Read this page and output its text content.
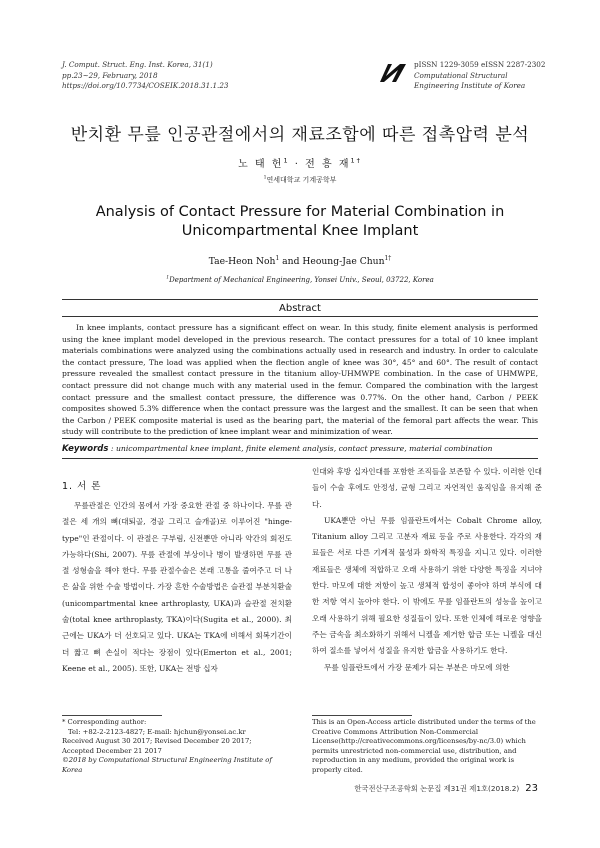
J. Comput. Struct. Eng. Inst. Korea, 31(1)
pp.23~29, February, 2018
https://doi.org/10.7734/COSEIK.2018.31.1.23
pISSN 1229-3059 eISSN 2287-2302
Computational Structural
Engineering Institute of Korea
반치환 무릎 인공관절에서의 재료조합에 따른 접촉압력 분석
노 태 헌$^1$ · 전 흥 재$^{1\dagger}$
$^1$연세대학교 기계공학부
Analysis of Contact Pressure for Material Combination in
Unicompartmental Knee Implant
Tae-Heon Noh$^1$ and Heoung-Jae Chun$^{1\dagger}$
$^1$Department of Mechanical Engineering, Yonsei Univ., Seoul, 03722, Korea
Abstract
In knee implants, contact pressure has a significant effect on wear. In this study, finite element analysis is performed using the knee implant model developed in the previous research. The contact pressures for a total of 10 knee implant materials combinations were analyzed using the combinations actually used in research and industry. In order to calculate the contact pressure, The load was applied when the flection angle of knee was 30°, 45° and 60°. The result of contact pressure revealed the smallest contact pressure in the titanium alloy-UHMWPE combination. In the case of UHMWPE, contact pressure did not change much with any material used in the femur. Compared the combination with the largest contact pressure and the smallest contact pressure, the difference was 0.77%. On the other hand, Carbon / PEEK composites showed 5.3% difference when the contact pressure was the largest and the smallest. It can be seen that when the Carbon / PEEK composite material is used as the bearing part, the material of the femoral part affects the wear. This study will contribute to the prediction of knee implant wear and minimization of wear.
Keywords : unicompartmental knee implant, finite element analysis, contact pressure, material combination
1. 서 론

무릎관절은 인간의 몸에서 가장 중요한 관절 중 하나이다. 무릎 관절은 세 개의 뼈(대퇴골, 경골 그리고 슬개골)로 이루어진 "hinge-type"인 관절이다. 이 관절은 구부림, 신전뿐만 아니라 약간의 회전도 가능하다(Shi, 2007). 무릎 관절에 부상이나 병이 발생하면 무릎 관절 성형술을 해야 한다. 무릎 관절수술은 본래 고통을 줄여주고 더 나은 삶을 위한 수술 방법이다. 가장 흔한 수술방법은 슬관절 부분치환술(unicompartmental knee arthroplasty, UKA)과 슬관절 전치환술(total knee arthroplasty, TKA)이다(Sugita et al., 2000). 최근에는 UKA가 더 선호되고 있다. UKA는 TKA에 비해서 회복기간이 더 짧고 뼈 손실이 적다는 장점이 있다(Emerton et al., 2001; Keene et al., 2005). 또한, UKA는 전방 십자

인대와 후방 십자인대를 포함한 조직들을 보존할 수 있다. 이러한 인대들이 수술 후에도 안정성, 균형 그리고 자연적인 움직임을 유지해 준다.

UKA뿐만 아닌 무릎 임플란트에서는 Cobalt Chrome alloy, Titanium alloy 그리고 고분자 재료 등을 주로 사용한다. 각각의 재료들은 서로 다른 기계적 물성과 화학적 특징을 지니고 있다. 이러한 재료들은 생체에 적합하고 오래 사용하기 위한 다양한 특징을 지녀야 한다. 마모에 대한 저항이 높고 생체적 합성이 좋아야 하며 부식에 대한 저항 역시 높아야 한다. 이 밖에도 무릎 임플란트의 성능을 높이고 오래 사용하기 위해 필요한 성질들이 있다. 또한 인체에 해로운 영향을 주는 금속을 최소화하기 위해서 니켈을 제거한 합금 또는 니켈을 대신하여 질소를 넣어서 성질을 유지한 합금을 사용하기도 한다.

무릎 임플란트에서 가장 문제가 되는 부분은 마모에 의한

* Corresponding author:
Tel: +82-2-2123-4827; E-mail: hjchun@yonsei.ac.kr
Received August 30 2017; Revised December 20 2017;
Accepted December 21 2017
©2018 by Computational Structural Engineering Institute of Korea
This is an Open-Access article distributed under the terms of the Creative Commons Attribution Non-Commercial License(http://creativecommons.org/licenses/by-nc/3.0) which permits unrestricted non-commercial use, distribution, and reproduction in any medium, provided the original work is properly cited.
한국전산구조공학회 논문집 제31권 제1호(2018.2) 23
